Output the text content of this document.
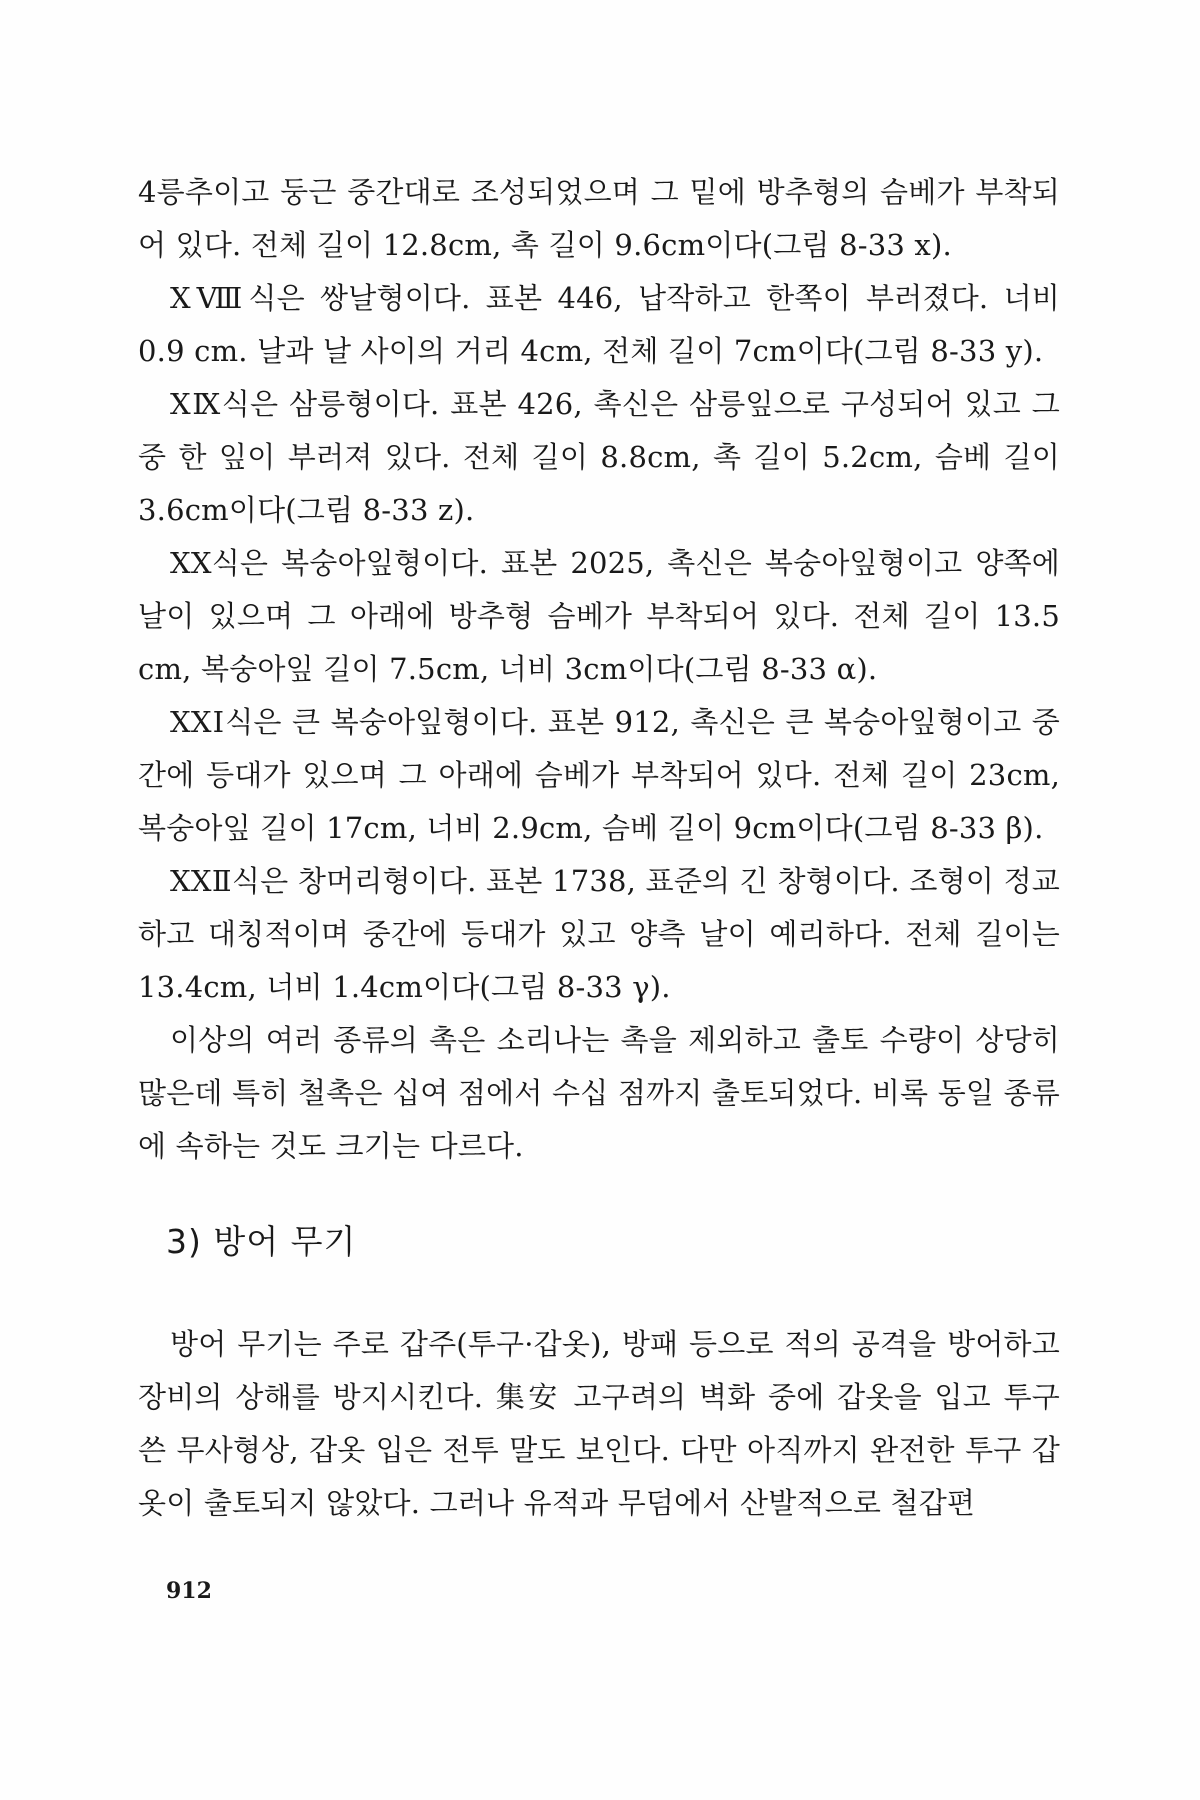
4릉추이고 둥근 중간대로 조성되었으며 그 밑에 방추형의 슴베가 부착되어 있다. 전체 길이 12.8cm, 촉 길이 9.6cm이다(그림 8-33 x).

XⅧ식은 쌍날형이다. 표본 446, 납작하고 한쪽이 부러졌다. 너비 0.9 cm. 날과 날 사이의 거리 4cm, 전체 길이 7cm이다(그림 8-33 y).

XⅨ식은 삼릉형이다. 표본 426, 촉신은 삼릉잎으로 구성되어 있고 그 중 한 잎이 부러져 있다. 전체 길이 8.8cm, 촉 길이 5.2cm, 슴베 길이 3.6cm이다(그림 8-33 z).

XX식은 복숭아잎형이다. 표본 2025, 촉신은 복숭아잎형이고 양쪽에 날이 있으며 그 아래에 방추형 슴베가 부착되어 있다. 전체 길이 13.5 cm, 복숭아잎 길이 7.5cm, 너비 3cm이다(그림 8-33 α).

XXⅠ식은 큰 복숭아잎형이다. 표본 912, 촉신은 큰 복숭아잎형이고 중간에 등대가 있으며 그 아래에 슴베가 부착되어 있다. 전체 길이 23cm, 복숭아잎 길이 17cm, 너비 2.9cm, 슴베 길이 9cm이다(그림 8-33 β).

XXⅡ식은 창머리형이다. 표본 1738, 표준의 긴 창형이다. 조형이 정교하고 대칭적이며 중간에 등대가 있고 양측 날이 예리하다. 전체 길이는 13.4cm, 너비 1.4cm이다(그림 8-33 γ).

이상의 여러 종류의 촉은 소리나는 촉을 제외하고 출토 수량이 상당히 많은데 특히 철촉은 십여 점에서 수십 점까지 출토되었다. 비록 동일 종류에 속하는 것도 크기는 다르다.

3) 방어 무기

방어 무기는 주로 갑주(투구·갑옷), 방패 등으로 적의 공격을 방어하고 장비의 상해를 방지시킨다. 集安 고구려의 벽화 중에 갑옷을 입고 투구 쓴 무사형상, 갑옷 입은 전투 말도 보인다. 다만 아직까지 완전한 투구 갑옷이 출토되지 않았다. 그러나 유적과 무덤에서 산발적으로 철갑편

912
